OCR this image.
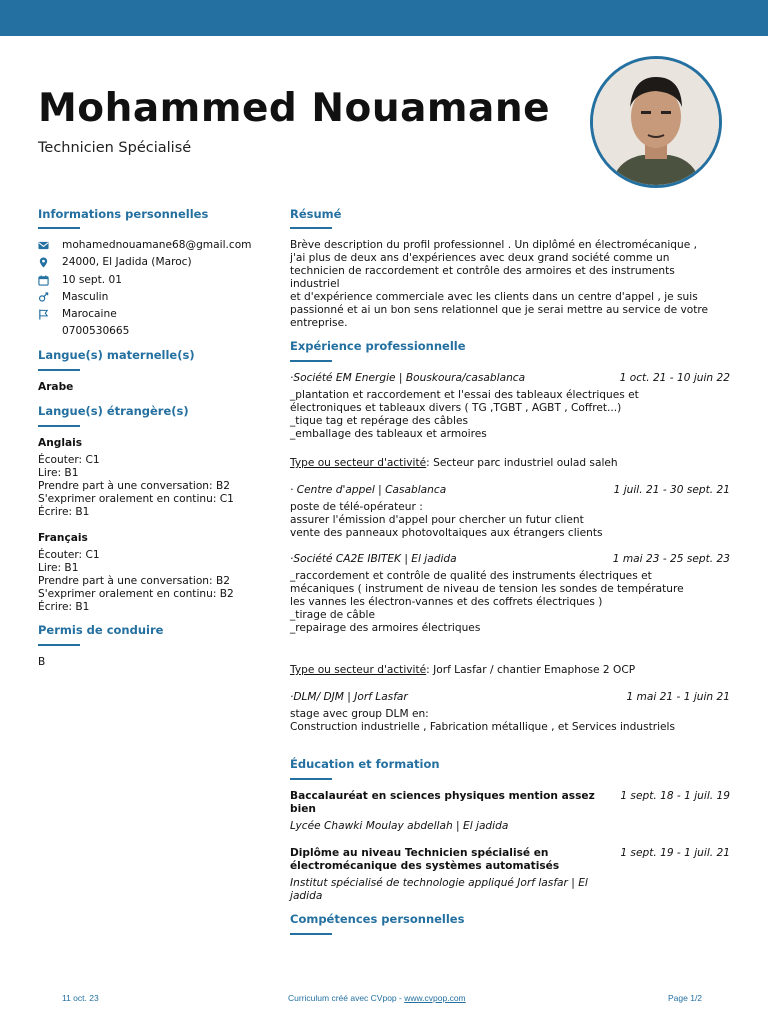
Mohammed Nouamane
Technicien Spécialisé
Informations personnelles
mohamednouamane68@gmail.com
24000, El Jadida (Maroc)
10 sept. 01
Masculin
Marocaine
0700530665
Langue(s) maternelle(s)
Arabe
Langue(s) étrangère(s)
Anglais
Écouter: C1
Lire: B1
Prendre part à une conversation: B2
S'exprimer oralement en continu: C1
Écrire: B1
Français
Écouter: C1
Lire: B1
Prendre part à une conversation: B2
S'exprimer oralement en continu: B2
Écrire: B1
Permis de conduire
B
Résumé
Brève description du profil professionnel . Un diplômé en électromécanique ,
j'ai plus de deux ans d'expériences avec deux grand société comme un
technicien de raccordement et contrôle des armoires et des instruments
industriel
et d'expérience commerciale avec les clients dans un centre d'appel , je suis
passionné et ai un bon sens relationnel que je serai mettre au service de votre
entreprise.
Expérience professionnelle
·Société EM Energie | Bouskoura/casablanca	1 oct. 21 - 10 juin 22
_plantation et raccordement et l'essai des tableaux électriques et
électroniques et tableaux divers ( TG ,TGBT , AGBT , Coffret...)
_tique tag et repérage des câbles
_emballage des tableaux et armoires
Type ou secteur d'activité: Secteur parc industriel oulad saleh
· Centre d'appel | Casablanca	1 juil. 21 - 30 sept. 21
poste de télé-opérateur :
assurer l'émission d'appel pour chercher un futur client
vente des panneaux photovoltaiques aux étrangers clients
·Société CA2E IBITEK | El jadida	1 mai 23 - 25 sept. 23
_raccordement et contrôle de qualité des instruments électriques et
mécaniques ( instrument de niveau de tension les sondes de température
les vannes les électron-vannes et des coffrets électriques )
_tirage de câble
_repairage des armoires électriques
Type ou secteur d'activité: Jorf Lasfar / chantier Emaphose 2 OCP
·DLM/ DJM | Jorf Lasfar	1 mai 21 - 1 juin 21
stage avec group DLM en:
Construction industrielle , Fabrication métallique , et Services industriels
Éducation et formation
Baccalauréat en sciences physiques mention assez
bien
1 sept. 18 - 1 juil. 19
Lycée Chawki Moulay abdellah | El jadida
Diplôme au niveau Technicien spécialisé en
électromécanique des systèmes automatisés
1 sept. 19 - 1 juil. 21
Institut spécialisé de technologie appliqué Jorf lasfar | El
jadida
Compétences personnelles
11 oct. 23	Curriculum créé avec CVpop - www.cvpop.com	Page 1/2
